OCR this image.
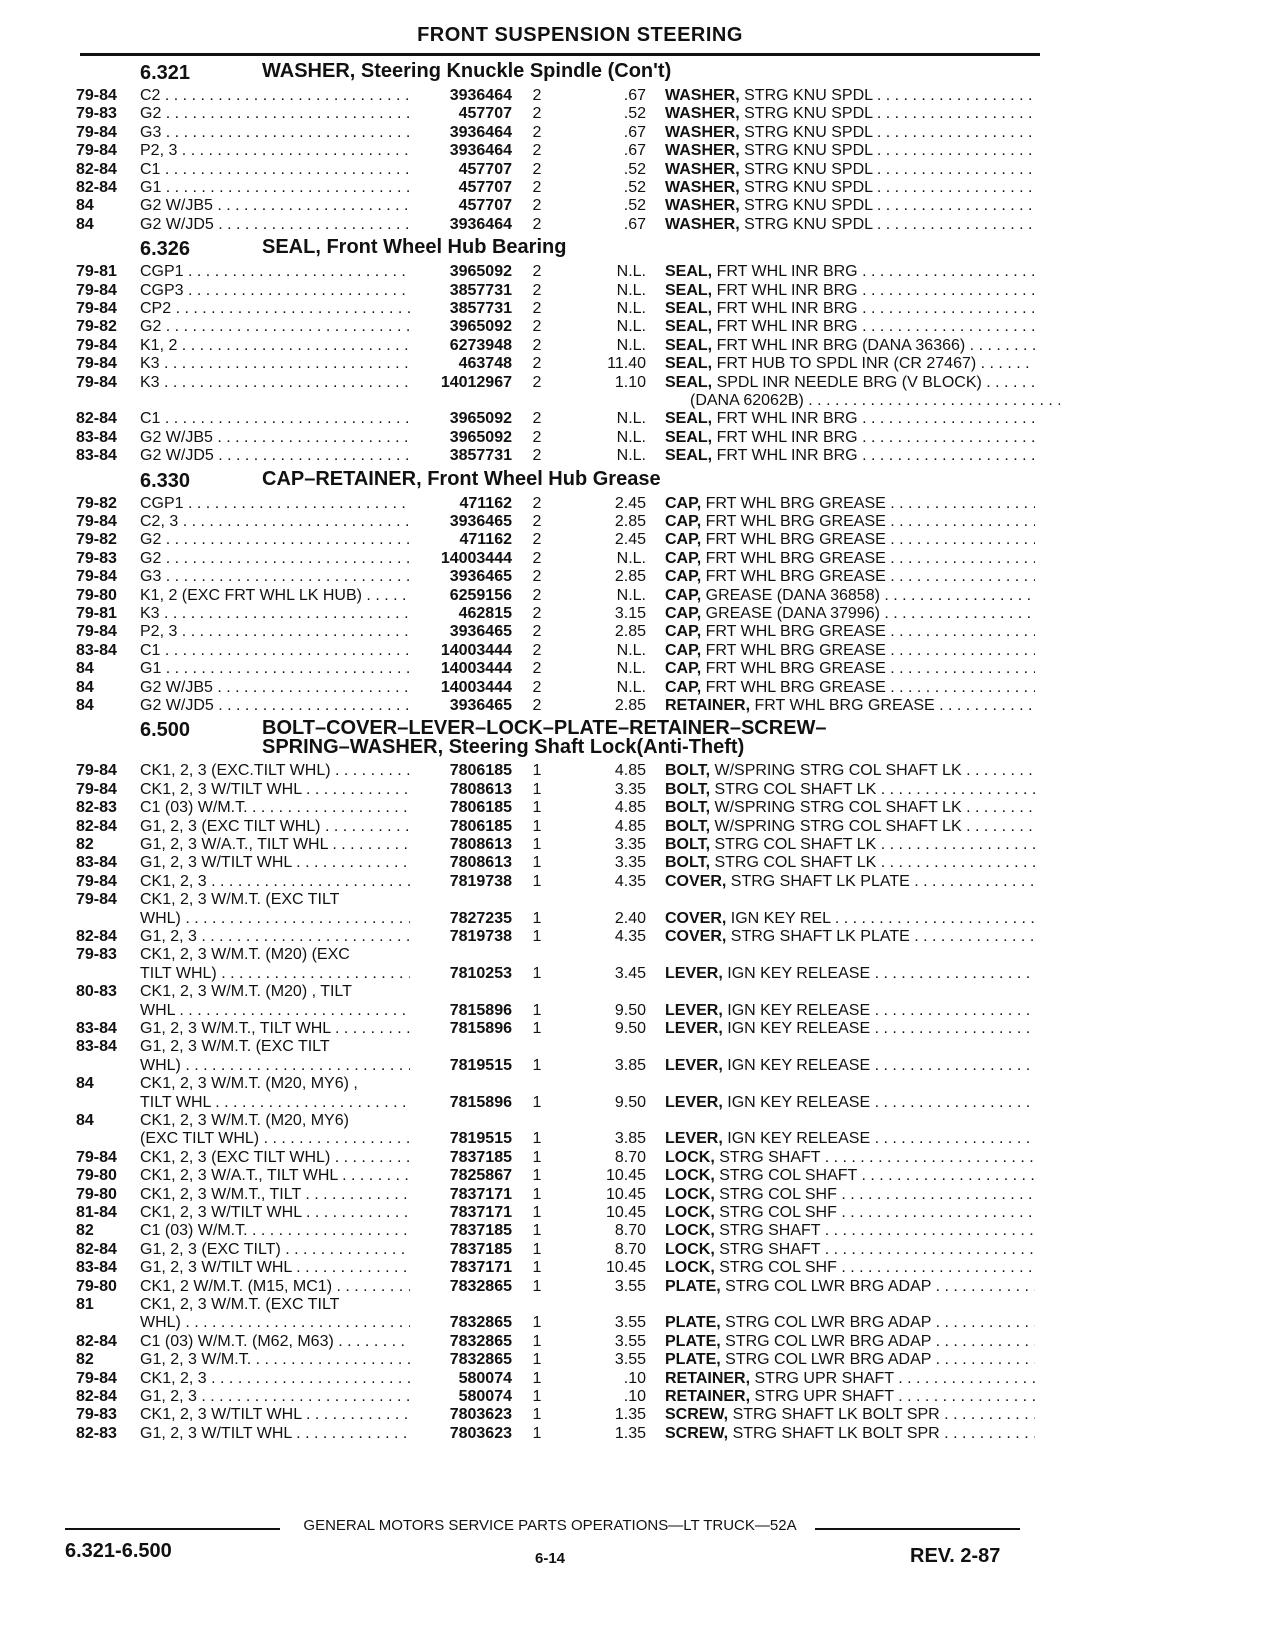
FRONT SUSPENSION STEERING
6.321	WASHER, Steering Knuckle Spindle (Con't)
79-84 C2 . . .	3936464 2	.67 WASHER, STRG KNU SPDL . . .
79-83 G2 . . .	457707 2	.52 WASHER, STRG KNU SPDL . . .
79-84 G3 . . .	3936464 2	.67 WASHER, STRG KNU SPDL . . .
79-84 P2, 3 . . .	3936464 2	.67 WASHER, STRG KNU SPDL . . .
82-84 C1 . . .	457707 2	.52 WASHER, STRG KNU SPDL . . .
82-84 G1 . . .	457707 2	.52 WASHER, STRG KNU SPDL . . .
84	G2 W/JB5 . . .	457707 2	.52 WASHER, STRG KNU SPDL . . .
84	G2 W/JD5 . . .	3936464 2	.67 WASHER, STRG KNU SPDL . . .
6.326	SEAL, Front Wheel Hub Bearing
79-81 CGP1 . . .	3965092 2	N.L. SEAL, FRT WHL INR BRG . . .
79-84 CGP3 . . .	3857731 2	N.L. SEAL, FRT WHL INR BRG . . .
79-84 CP2 . . .	3857731 2	N.L. SEAL, FRT WHL INR BRG . . .
79-82 G2 . . .	3965092 2	N.L. SEAL, FRT WHL INR BRG . . .
79-84 K1, 2 . . .	6273948 2	N.L. SEAL, FRT WHL INR BRG (DANA 36366) . . .
79-84 K3 . . .	463748 2	11.40 SEAL, FRT HUB TO SPDL INR (CR 27467) . . .
79-84 K3 . . .	14012967 2	1.10 SEAL, SPDL INR NEEDLE BRG (V BLOCK) . . .
(DANA 62062B) . . .
82-84 C1 . . .	3965092 2	N.L. SEAL, FRT WHL INR BRG . . .
83-84 G2 W/JB5 . . .	3965092 2	N.L. SEAL, FRT WHL INR BRG . . .
83-84 G2 W/JD5 . . .	3857731 2	N.L. SEAL, FRT WHL INR BRG . . .
6.330	CAP–RETAINER, Front Wheel Hub Grease
79-82 CGP1 . . .	471162 2	2.45 CAP, FRT WHL BRG GREASE . . .
79-84 C2, 3 . . .	3936465 2	2.85 CAP, FRT WHL BRG GREASE . . .
79-82 G2 . . .	471162 2	2.45 CAP, FRT WHL BRG GREASE . . .
79-83 G2 . . .	14003444 2	N.L. CAP, FRT WHL BRG GREASE . . .
79-84 G3 . . .	3936465 2	2.85 CAP, FRT WHL BRG GREASE . . .
79-80 K1, 2 (EXC FRT WHL LK HUB) . . .	6259156 2	N.L. CAP, GREASE (DANA 36858) . . .
79-81 K3 . . .	462815 2	3.15 CAP, GREASE (DANA 37996) . . .
79-84 P2, 3 . . .	3936465 2	2.85 CAP, FRT WHL BRG GREASE . . .
83-84 C1 . . .	14003444 2	N.L. CAP, FRT WHL BRG GREASE . . .
84	G1 . . .	14003444 2	N.L. CAP, FRT WHL BRG GREASE . . .
84	G2 W/JB5 . . .	14003444 2	N.L. CAP, FRT WHL BRG GREASE . . .
84	G2 W/JD5 . . .	3936465 2	2.85 RETAINER, FRT WHL BRG GREASE . . .
6.500	BOLT–COVER–LEVER–LOCK–PLATE–RETAINER–SCREW–
SPRING–WASHER, Steering Shaft Lock(Anti-Theft)
79-84 CK1, 2, 3 (EXC.TILT WHL) . . .	7806185 1	4.85 BOLT, W/SPRING STRG COL SHAFT LK . . .
79-84 CK1, 2, 3 W/TILT WHL . . .	7808613 1	3.35 BOLT, STRG COL SHAFT LK . . .
82-83 C1 (03) W/M.T. . . .	7806185 1	4.85 BOLT, W/SPRING STRG COL SHAFT LK . . .
82-84 G1, 2, 3 (EXC TILT WHL) . . .	7806185 1	4.85 BOLT, W/SPRING STRG COL SHAFT LK . . .
82	G1, 2, 3 W/A.T., TILT WHL . . .	7808613 1	3.35 BOLT, STRG COL SHAFT LK . . .
83-84 G1, 2, 3 W/TILT WHL . . .	7808613 1	3.35 BOLT, STRG COL SHAFT LK . . .
79-84 CK1, 2, 3 . . .	7819738 1	4.35 COVER, STRG SHAFT LK PLATE . . .
79-84 CK1, 2, 3 W/M.T. (EXC TILT
WHL) . . .	7827235 1	2.40 COVER, IGN KEY REL . . .
82-84 G1, 2, 3 . . .	7819738 1	4.35 COVER, STRG SHAFT LK PLATE . . .
79-83 CK1, 2, 3 W/M.T. (M20) (EXC
TILT WHL) . . .	7810253 1	3.45 LEVER, IGN KEY RELEASE . . .
80-83 CK1, 2, 3 W/M.T. (M20) , TILT
WHL . . .	7815896 1	9.50 LEVER, IGN KEY RELEASE . . .
83-84 G1, 2, 3 W/M.T., TILT WHL . . .	7815896 1	9.50 LEVER, IGN KEY RELEASE . . .
83-84 G1, 2, 3 W/M.T. (EXC TILT
WHL) . . .	7819515 1	3.85 LEVER, IGN KEY RELEASE . . .
84	CK1, 2, 3 W/M.T. (M20, MY6) ,
TILT WHL . . .	7815896 1	9.50 LEVER, IGN KEY RELEASE . . .
84	CK1, 2, 3 W/M.T. (M20, MY6)
(EXC TILT WHL) . . .	7819515 1	3.85 LEVER, IGN KEY RELEASE . . .
79-84 CK1, 2, 3 (EXC TILT WHL) . . .	7837185 1	8.70 LOCK, STRG SHAFT . . .
79-80 CK1, 2, 3 W/A.T., TILT WHL . . .	7825867 1	10.45 LOCK, STRG COL SHAFT . . .
79-80 CK1, 2, 3 W/M.T., TILT . . .	7837171 1	10.45 LOCK, STRG COL SHF . . .
81-84 CK1, 2, 3 W/TILT WHL . . .	7837171 1	10.45 LOCK, STRG COL SHF . . .
82	C1 (03) W/M.T. . . .	7837185 1	8.70 LOCK, STRG SHAFT . . .
82-84 G1, 2, 3 (EXC TILT) . . .	7837185 1	8.70 LOCK, STRG SHAFT . . .
83-84 G1, 2, 3 W/TILT WHL . . .	7837171 1	10.45 LOCK, STRG COL SHF . . .
79-80 CK1, 2 W/M.T. (M15, MC1) . . .	7832865 1	3.55 PLATE, STRG COL LWR BRG ADAP . . .
81	CK1, 2, 3 W/M.T. (EXC TILT
WHL) . . .	7832865 1	3.55 PLATE, STRG COL LWR BRG ADAP . . .
82-84 C1 (03) W/M.T. (M62, M63) . . .	7832865 1	3.55 PLATE, STRG COL LWR BRG ADAP . . .
82	G1, 2, 3 W/M.T. . . .	7832865 1	3.55 PLATE, STRG COL LWR BRG ADAP . . .
79-84 CK1, 2, 3 . . .	580074 1	.10 RETAINER, STRG UPR SHAFT . . .
82-84 G1, 2, 3 . . .	580074 1	.10 RETAINER, STRG UPR SHAFT . . .
79-83 CK1, 2, 3 W/TILT WHL . . .	7803623 1	1.35 SCREW, STRG SHAFT LK BOLT SPR . . .
82-83 G1, 2, 3 W/TILT WHL . . .	7803623 1	1.35 SCREW, STRG SHAFT LK BOLT SPR . . .
GENERAL MOTORS SERVICE PARTS OPERATIONS—LT TRUCK—52A
6.321-6.500	6-14	REV. 2-87
